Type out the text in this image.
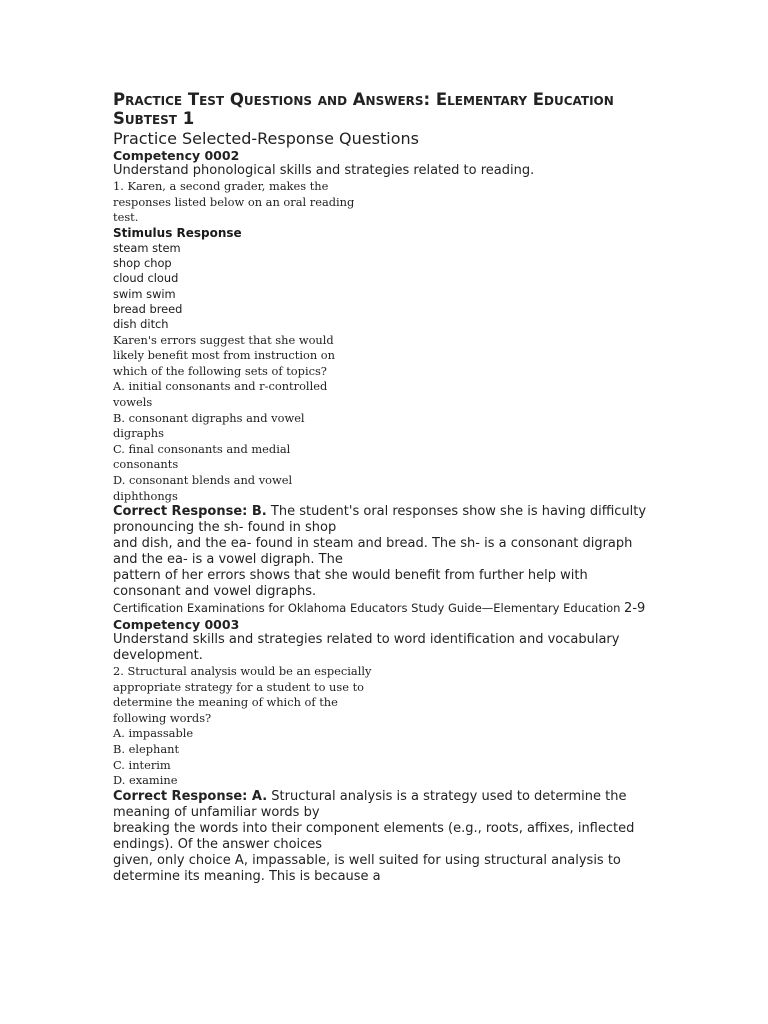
Practice Test Questions and Answers: Elementary Education
Subtest 1
Practice Selected-Response Questions
Competency 0002
Understand phonological skills and strategies related to reading.
1. Karen, a second grader, makes the
responses listed below on an oral reading
test.
Stimulus Response
steam stem
shop chop
cloud cloud
swim swim
bread breed
dish ditch
Karen's errors suggest that she would
likely benefit most from instruction on
which of the following sets of topics?
A. initial consonants and r-controlled
vowels
B. consonant digraphs and vowel
digraphs
C. final consonants and medial
consonants
D. consonant blends and vowel
diphthongs
Correct Response: B. The student's oral responses show she is having difficulty
pronouncing the sh- found in shop
and dish, and the ea- found in steam and bread. The sh- is a consonant digraph
and the ea- is a vowel digraph. The
pattern of her errors shows that she would benefit from further help with
consonant and vowel digraphs.
Certification Examinations for Oklahoma Educators Study Guide—Elementary Education 2-9
Competency 0003
Understand skills and strategies related to word identification and vocabulary
development.
2. Structural analysis would be an especially
appropriate strategy for a student to use to
determine the meaning of which of the
following words?
A. impassable
B. elephant
C. interim
D. examine
Correct Response: A. Structural analysis is a strategy used to determine the
meaning of unfamiliar words by
breaking the words into their component elements (e.g., roots, affixes, inflected
endings). Of the answer choices
given, only choice A, impassable, is well suited for using structural analysis to
determine its meaning. This is because a
